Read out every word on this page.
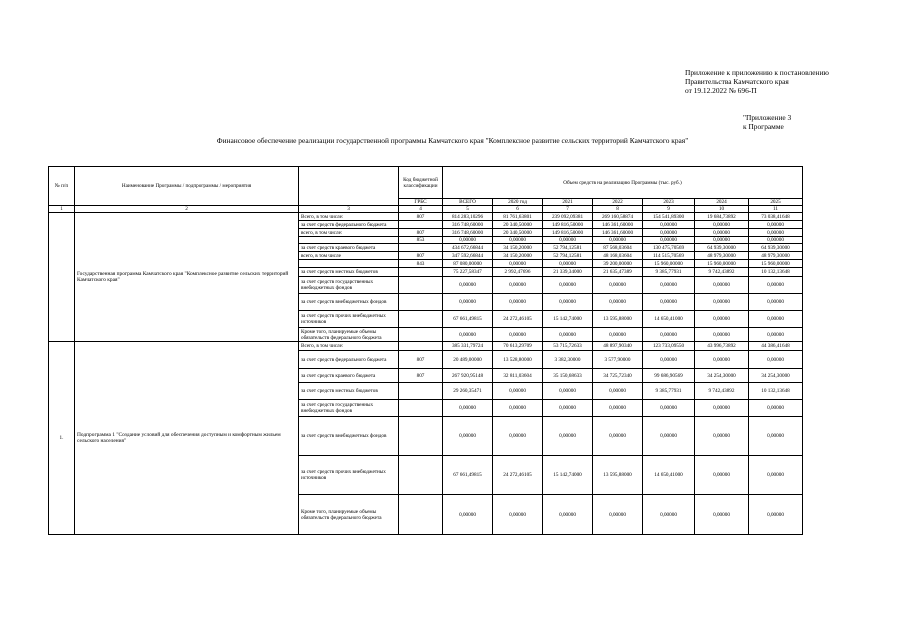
Приложение к приложению к постановлению
Правительства Камчатского края
от 19.12.2022 № 696-П
"Приложение 3
к Программе
Финансовое обеспечение реализации государственной программы Камчатского края "Комплексное развитие сельских территорий Камчатского края"
№ п/п	Наименование Программы / подпрограммы / мероприятия		Код бюджетной классификации	Объем средств на реализацию Программы (тыс. руб.)						
			ГРБС	ВСЕГО	2020 год	2021	2022	2023	2024	2025
1	2	3	4	5	6	7	8	9	10	11
	Государственная программа Камчатского края "Комплексное развитие сельских территорий Камчатского края"	Всего, в том числе:	807	814 283,10296	81 761,63801	239 092,09381	269 160,58874	154 541,89300	19 684,73892	73 038,41648
		за счет средств федерального бюджета		316 748,60000	20 340,50000	149 816,50000	146 361,60000	0,00000	0,00000	0,00000
		всего, в том числе:	807	316 748,60000	20 340,50000	149 816,50000	146 361,60000	0,00000	0,00000	0,00000
			853	0,00000	0,00000	0,00000	0,00000	0,00000	0,00000	0,00000
		за счет средств краевого бюджета		434 672,66844	34 150,20000	52 794,12581	87 568,03604	130 475,70569	64 939,30000	64 939,30000
		всего, в том числе	807	347 592,66844	34 150,20000	52 794,12581	48 168,03604	114 515,70569	48 979,30000	48 979,30000
			843	87 080,00000	0,00000	0,00000	39 200,00000	15 960,00000	15 960,00000	15 960,00000
		за счет средств местных бюджетов		75 227,58347	2 992,47696	21 339,34000	21 635,47389	9 385,77931	9 742,43892	10 132,13648
		за счет средств государственных внебюджетных фондов		0,00000	0,00000	0,00000	0,00000	0,00000	0,00000	0,00000
		за счет средств внебюджетных фондов		0,00000	0,00000	0,00000	0,00000	0,00000	0,00000	0,00000
		за счет средств прочих внебюджетных источников		67 661,49815	24 272,46105	15 142,74000	13 595,88000	14 650,41000	0,00000	0,00000
		Кроме того, планируемые объемы обязательств федерального бюджета		0,00000	0,00000	0,00000	0,00000	0,00000	0,00000	0,00000
1.	Подпрограмма 1 "Создание условий для обеспечения доступным и комфортным жильем сельского населения"	Всего, в том числе:		385 331,79724	70 613,29709	53 715,72633	48 897,90340	123 733,09550	43 996,73892	44 386,41648
		за счет средств федерального бюджета	807	20 489,00000	13 528,80000	3 382,30000	3 577,90000	0,00000	0,00000	0,00000
		за счет средств краевого бюджета	807	267 920,95148	32 811,03604	35 150,68633	34 725,72340	99 686,90569	34 254,30000	34 254,30000
		за счет средств местных бюджетов		29 260,35471	0,00000	0,00000	0,00000	9 385,77931	9 742,43892	10 132,13648
		за счет средств государственных внебюджетных фондов		0,00000	0,00000	0,00000	0,00000	0,00000	0,00000	0,00000
		за счет средств внебюджетных фондов		0,00000	0,00000	0,00000	0,00000	0,00000	0,00000	0,00000
		за счет средств прочих внебюджетных источников		67 661,49815	24 272,46105	15 142,74000	13 595,88000	14 650,41000	0,00000	0,00000
		Кроме того, планируемые объемы обязательств федерального бюджета		0,00000	0,00000	0,00000	0,00000	0,00000	0,00000	0,00000
